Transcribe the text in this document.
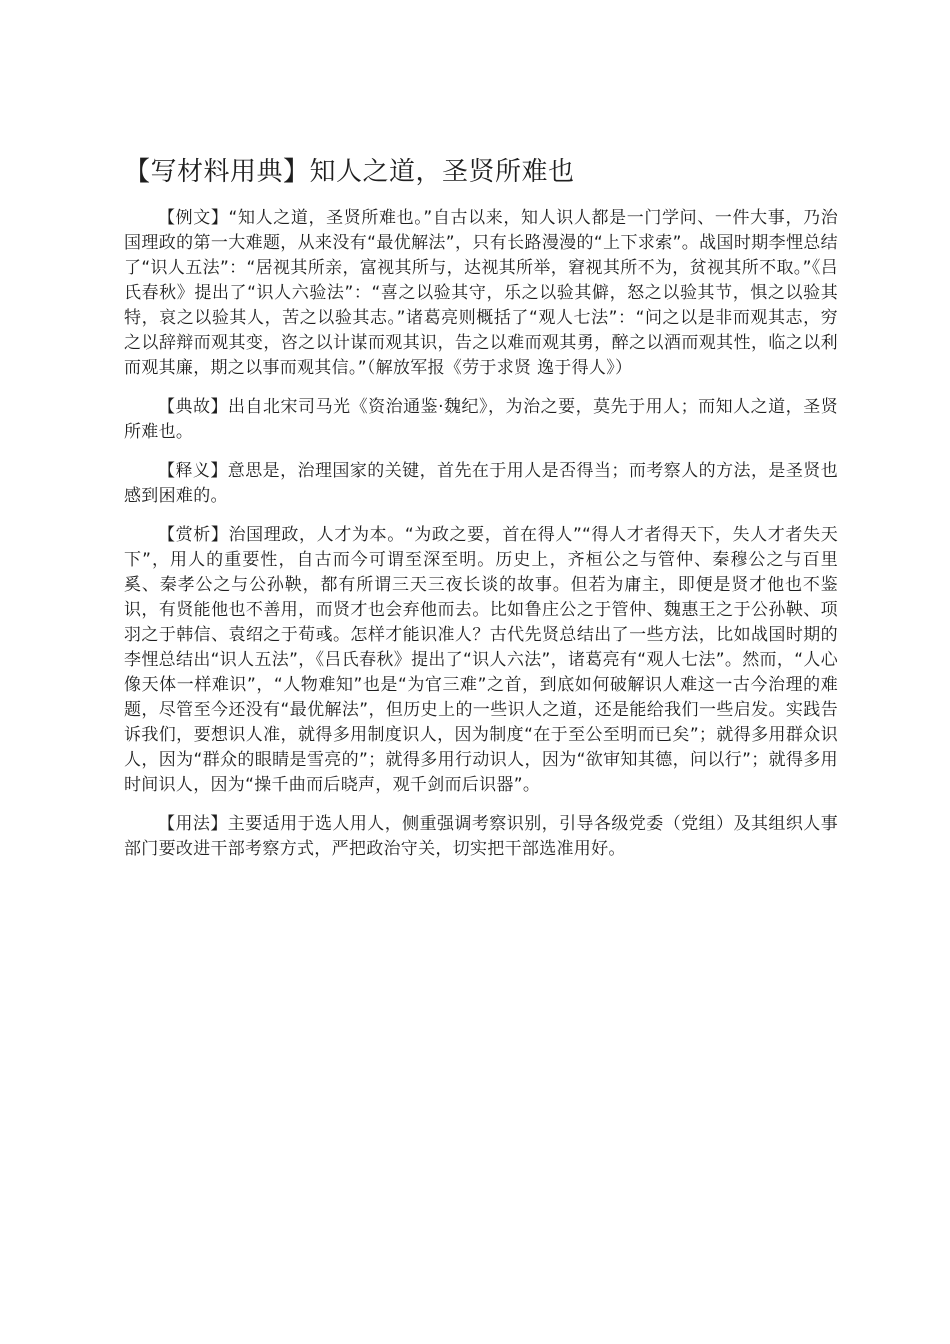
【写材料用典】知人之道，圣贤所难也

【例文】“知人之道，圣贤所难也。”自古以来，知人识人都是一门学问、一件大事，乃治国理政的第一大难题，从来没有“最优解法”，只有长路漫漫的“上下求索”。战国时期李悝总结了“识人五法”：“居视其所亲，富视其所与，达视其所举，窘视其所不为，贫视其所不取。”《吕氏春秋》提出了“识人六验法”：“喜之以验其守，乐之以验其僻，怒之以验其节，惧之以验其特，哀之以验其人，苦之以验其志。”诸葛亮则概括了“观人七法”：“问之以是非而观其志，穷之以辞辩而观其变，咨之以计谋而观其识，告之以难而观其勇，醉之以酒而观其性，临之以利而观其廉，期之以事而观其信。”（解放军报《劳于求贤 逸于得人》）

【典故】出自北宋司马光《资治通鉴·魏纪》，为治之要，莫先于用人；而知人之道，圣贤所难也。

【释义】意思是，治理国家的关键，首先在于用人是否得当；而考察人的方法，是圣贤也感到困难的。

【赏析】治国理政，人才为本。“为政之要，首在得人”“得人才者得天下，失人才者失天下”，用人的重要性，自古而今可谓至深至明。历史上，齐桓公之与管仲、秦穆公之与百里奚、秦孝公之与公孙鞅，都有所谓三天三夜长谈的故事。但若为庸主，即便是贤才他也不鉴识，有贤能他也不善用，而贤才也会弃他而去。比如鲁庄公之于管仲、魏惠王之于公孙鞅、项羽之于韩信、袁绍之于荀彧。怎样才能识准人？古代先贤总结出了一些方法，比如战国时期的李悝总结出“识人五法”，《吕氏春秋》提出了“识人六法”，诸葛亮有“观人七法”。然而，“人心像天体一样难识”，“人物难知”也是“为官三难”之首，到底如何破解识人难这一古今治理的难题，尽管至今还没有“最优解法”，但历史上的一些识人之道，还是能给我们一些启发。实践告诉我们，要想识人准，就得多用制度识人，因为制度“在于至公至明而已矣”；就得多用群众识人，因为“群众的眼睛是雪亮的”；就得多用行动识人，因为“欲审知其德，问以行”；就得多用时间识人，因为“操千曲而后晓声，观千剑而后识器”。

【用法】主要适用于选人用人，侧重强调考察识别，引导各级党委（党组）及其组织人事部门要改进干部考察方式，严把政治守关，切实把干部选准用好。
